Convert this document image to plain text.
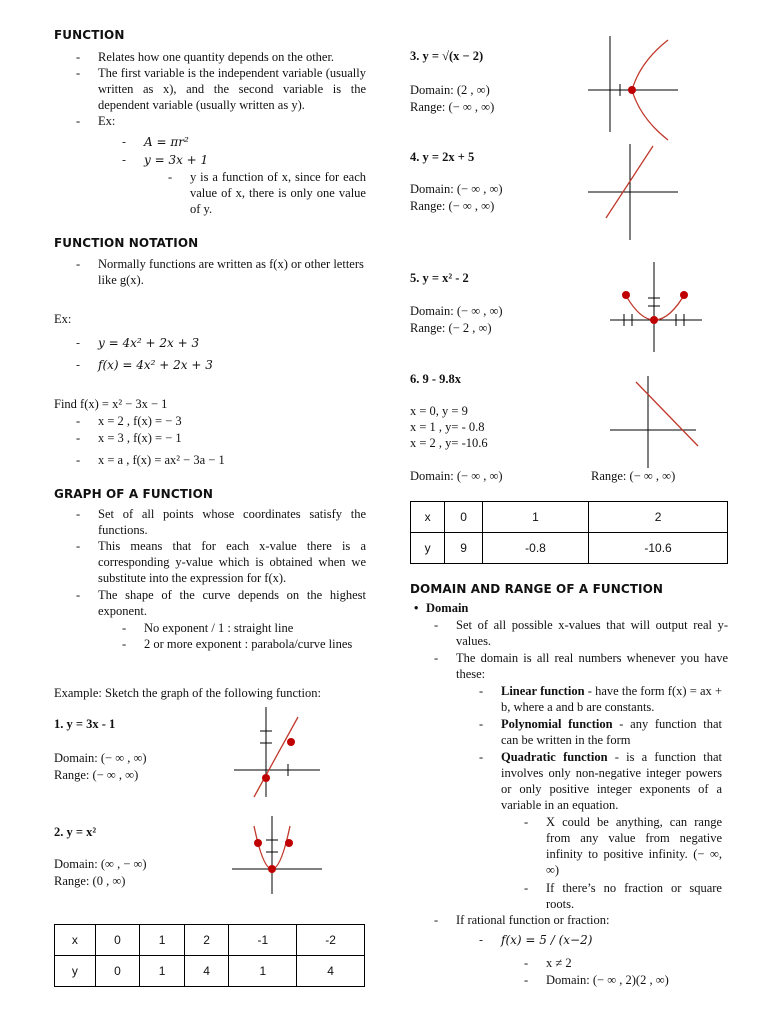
FUNCTION
- Relates how one quantity depends on the other.
- The first variable is the independent variable (usually written as x), and the second variable is the dependent variable (usually written as y).
- Ex:
- A = πr²
- y = 3x + 1
- y is a function of x, since for each value of x, there is only one value of y.
FUNCTION NOTATION
- Normally functions are written as f(x) or other letters like g(x).
Ex:
- y = 4x² + 2x + 3
- f(x) = 4x² + 2x + 3
Find f(x) = x² − 3x − 1
- x = 2 , f(x) = − 3
- x = 3 , f(x) = − 1
- x = a , f(x) = ax² − 3a − 1
GRAPH OF A FUNCTION
- Set of all points whose coordinates satisfy the functions.
- This means that for each x-value there is a corresponding y-value which is obtained when we substitute into the expression for f(x).
- The shape of the curve depends on the highest exponent.
- No exponent / 1 : straight line
- 2 or more exponent : parabola/curve lines
Example: Sketch the graph of the following function:
1. y = 3x - 1
Domain: (− ∞ , ∞)
Range: (− ∞ , ∞)
2. y = x²
Domain: (∞ , − ∞)
Range: (0 , ∞)
x	0	1	2	-1	-2
y	0	1	4	1	4
3. y = √(x − 2)
Domain: (2 , ∞)
Range: (− ∞ , ∞)
4. y = 2x + 5
Domain: (− ∞ , ∞)
Range: (− ∞ , ∞)
5. y = x² - 2
Domain: (− ∞ , ∞)
Range: (− 2 , ∞)
6. 9 - 9.8x
x = 0, y = 9
x = 1 , y= - 0.8
x = 2 , y= -10.6
Domain: (− ∞ , ∞)	Range: (− ∞ , ∞)
DOMAIN AND RANGE OF A FUNCTION
• Domain
- Set of all possible x-values that will output real y-values.
- The domain is all real numbers whenever you have these:
- Linear function - have the form f(x) = ax + b, where a and b are constants.
- Polynomial function - any function that can be written in the form
- Quadratic function - is a function that involves only non-negative integer powers or only positive integer exponents of a variable in an equation.
- X could be anything, can range from any value from negative infinity to positive infinity. (− ∞, ∞)
- If there’s no fraction or square roots.
- If rational function or fraction:
- f(x) = 5 / (x−2)
- x ≠ 2
- Domain: (− ∞ , 2)(2 , ∞)
x	0	1	2
y	9	-0.8	-10.6
